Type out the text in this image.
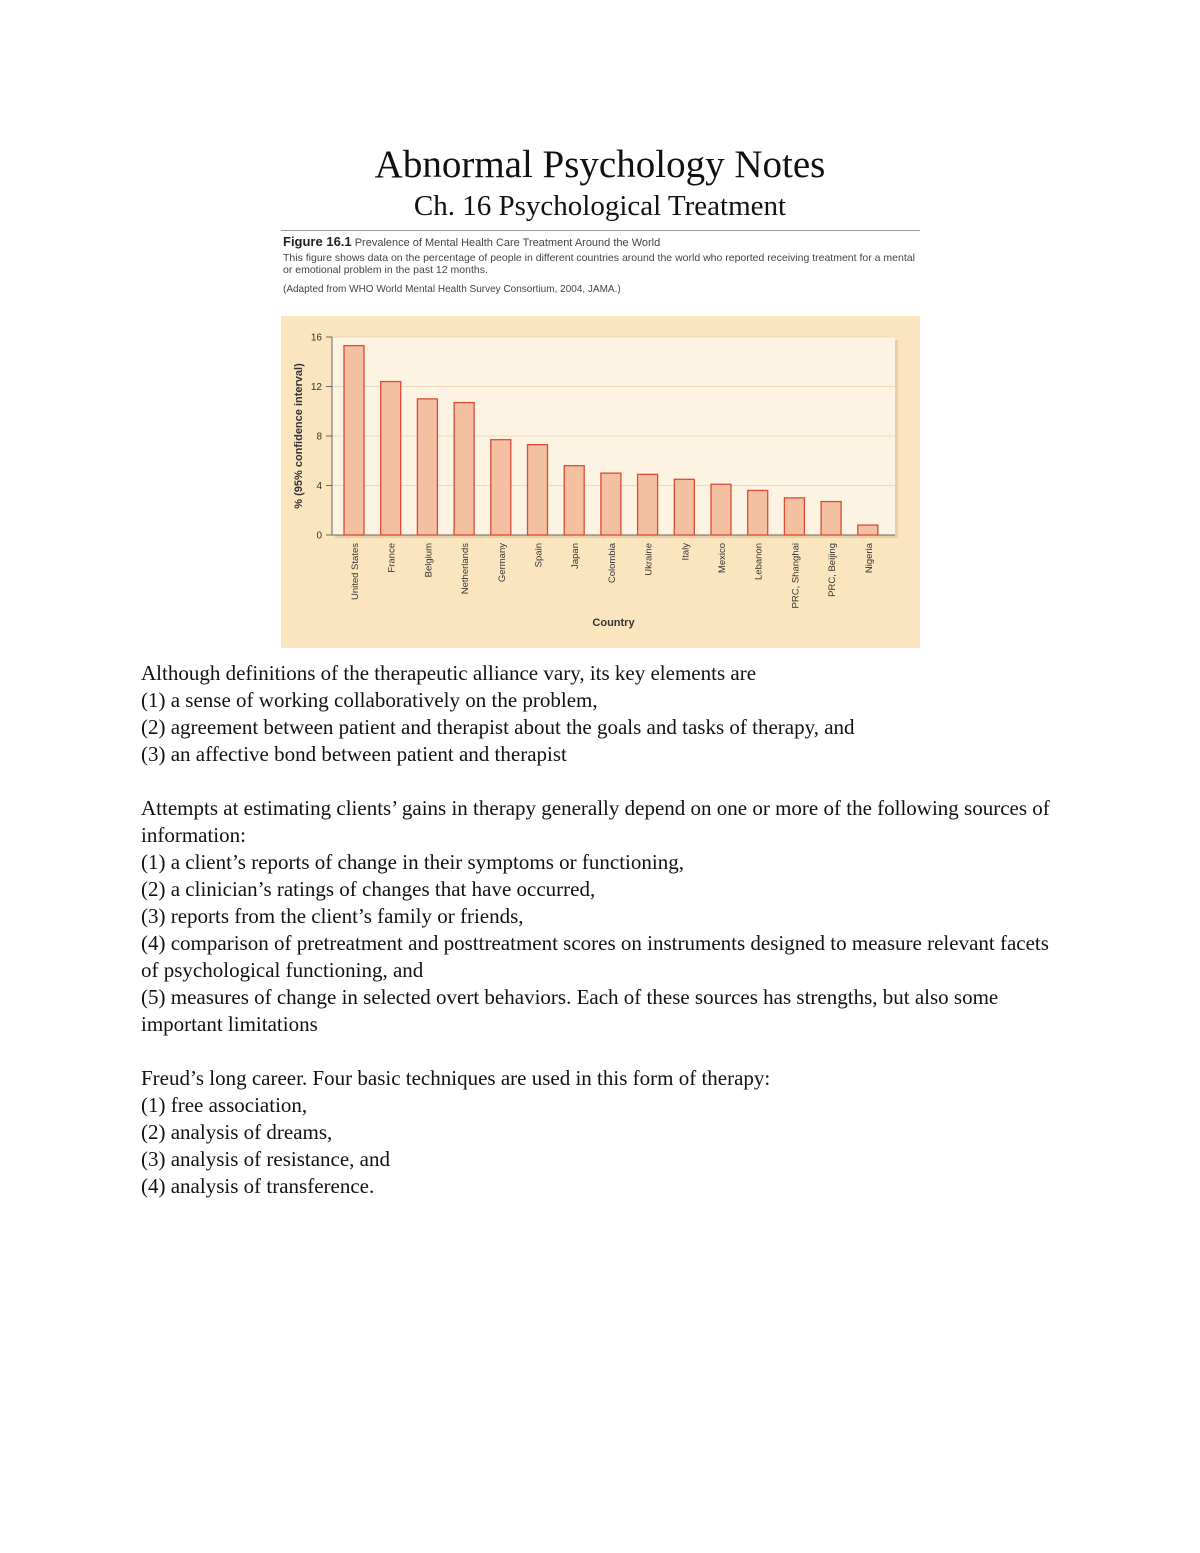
Abnormal Psychology Notes
Ch. 16 Psychological Treatment
Figure 16.1 Prevalence of Mental Health Care Treatment Around the World
This figure shows data on the percentage of people in different countries around the world who reported receiving treatment for a mental or emotional problem in the past 12 months.
(Adapted from WHO World Mental Health Survey Consortium, 2004, JAMA.)
0
4
8
12
16
United States	France	Belgium	Netherlands	Germany	Spain	Japan	Colombia	Ukraine	Italy	Mexico	Lebanon	PRC, Shanghai	PRC, Beijing	Nigeria
Country
% (95% confidence interval)

Although definitions of the therapeutic alliance vary, its key elements are

(1) a sense of working collaboratively on the problem,

(2) agreement between patient and therapist about the goals and tasks of therapy, and

(3) an affective bond between patient and therapist

Attempts at estimating clients’ gains in therapy generally depend on one or more of the following sources of information:

(1) a client’s reports of change in their symptoms or functioning,

(2) a clinician’s ratings of changes that have occurred,

(3) reports from the client’s family or friends,

(4) comparison of pretreatment and posttreatment scores on instruments designed to measure relevant facets of psychological functioning, and

(5) measures of change in selected overt behaviors. Each of these sources has strengths, but also some important limitations

Freud’s long career. Four basic techniques are used in this form of therapy:

(1) free association,

(2) analysis of dreams,

(3) analysis of resistance, and

(4) analysis of transference.
